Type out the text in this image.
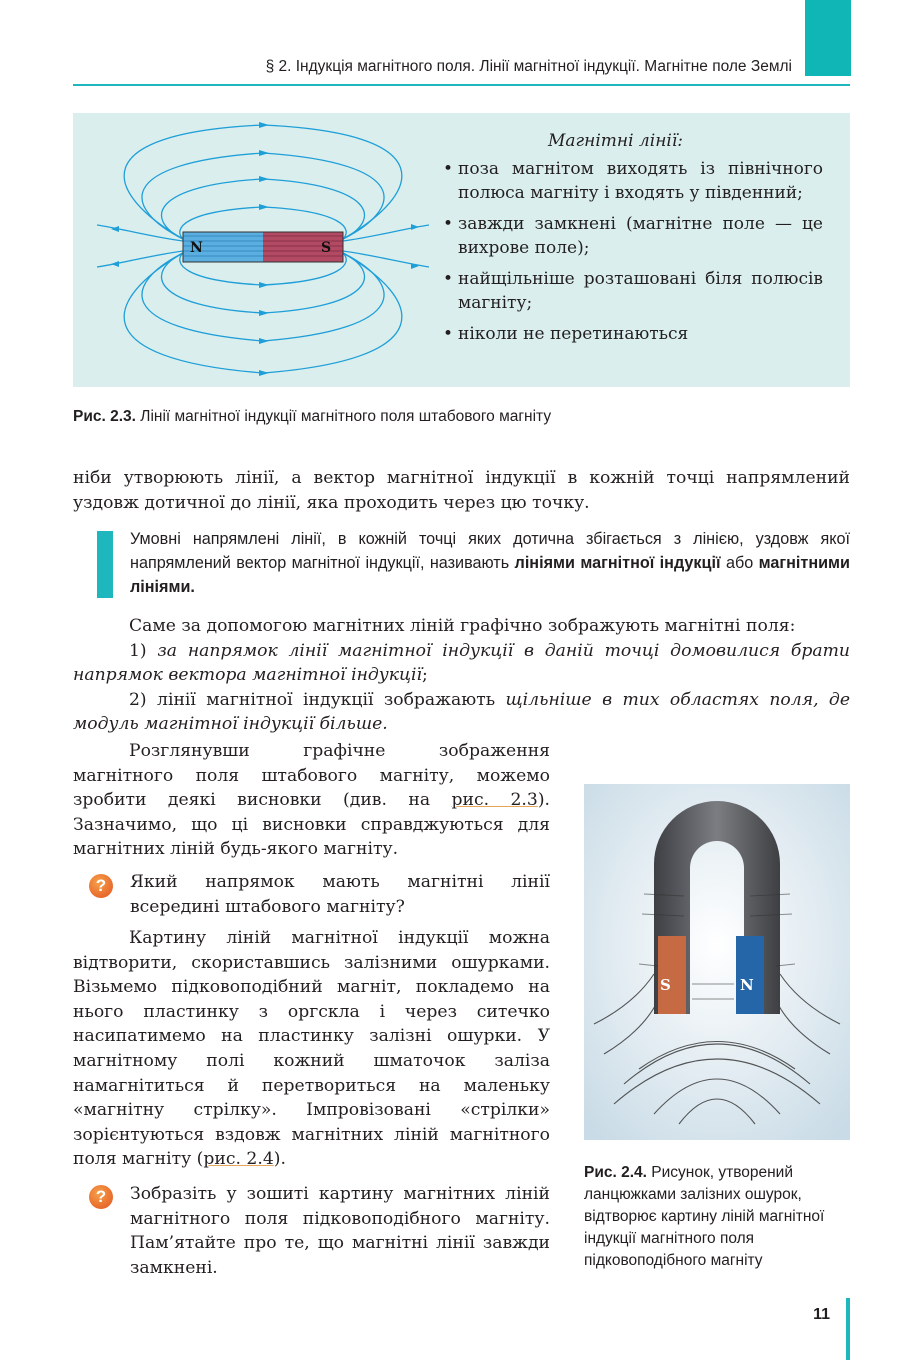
§ 2. Індукція магнітного поля. Лінії магнітної індукції. Магнітне поле Землі
N	S
Магнітні лінії:
• поза магнітом виходять із північного полюса магніту і входять у південний;
• завжди замкнені (магнітне поле — це вихрове поле);
• найщільніше розташовані біля полюсів магніту;
• ніколи не перетинаються
Рис. 2.3. Лінії магнітної індукції магнітного поля штабового магніту

ніби утворюють лінії, а вектор магнітної індукції в кожній точці напрямлений уздовж дотичної до лінії, яка проходить через цю точку.

Умовні напрямлені лінії, в кожній точці яких дотична збігається з лінією, уздовж якої напрямлений вектор магнітної індукції, називають лініями магнітної індукції або магнітними лініями.

Саме за допомогою магнітних ліній графічно зображують магнітні поля:

1) за напрямок лінії магнітної індукції в даній точці домовилися брати напрямок вектора магнітної індукції;

2) лінії магнітної індукції зображають щільніше в тих областях поля, де модуль магнітної індукції більше.

Розглянувши графічне зображення магнітного поля штабового магніту, можемо зробити деякі висновки (див. на рис. 2.3). Зазначимо, що ці висновки справджуються для магнітних ліній будь-якого магніту.

?	Який напрямок мають магнітні лінії всередині штабового магніту?

Картину ліній магнітної індукції можна відтворити, скориставшись залізними ошурками. Візьмемо підковоподібний магніт, покладемо на нього пластинку з оргскла і через ситечко насипатимемо на пластинку залізні ошурки. У магнітному полі кожний шматочок заліза намагнітиться й перетвориться на маленьку «магнітну стрілку». Імпровізовані «стрілки» зорієнтуються вздовж магнітних ліній магнітного поля магніту (рис. 2.4).

?	Зобразіть у зошиті картину магнітних ліній магнітного поля підковоподібного магніту. Пам’ятайте про те, що магнітні лінії завжди замкнені.

S	N
Рис. 2.4. Рисунок, утворений ланцюжками залізних ошурок, відтворює картину ліній магнітної індукції магнітного поля підковоподібного магніту
11
